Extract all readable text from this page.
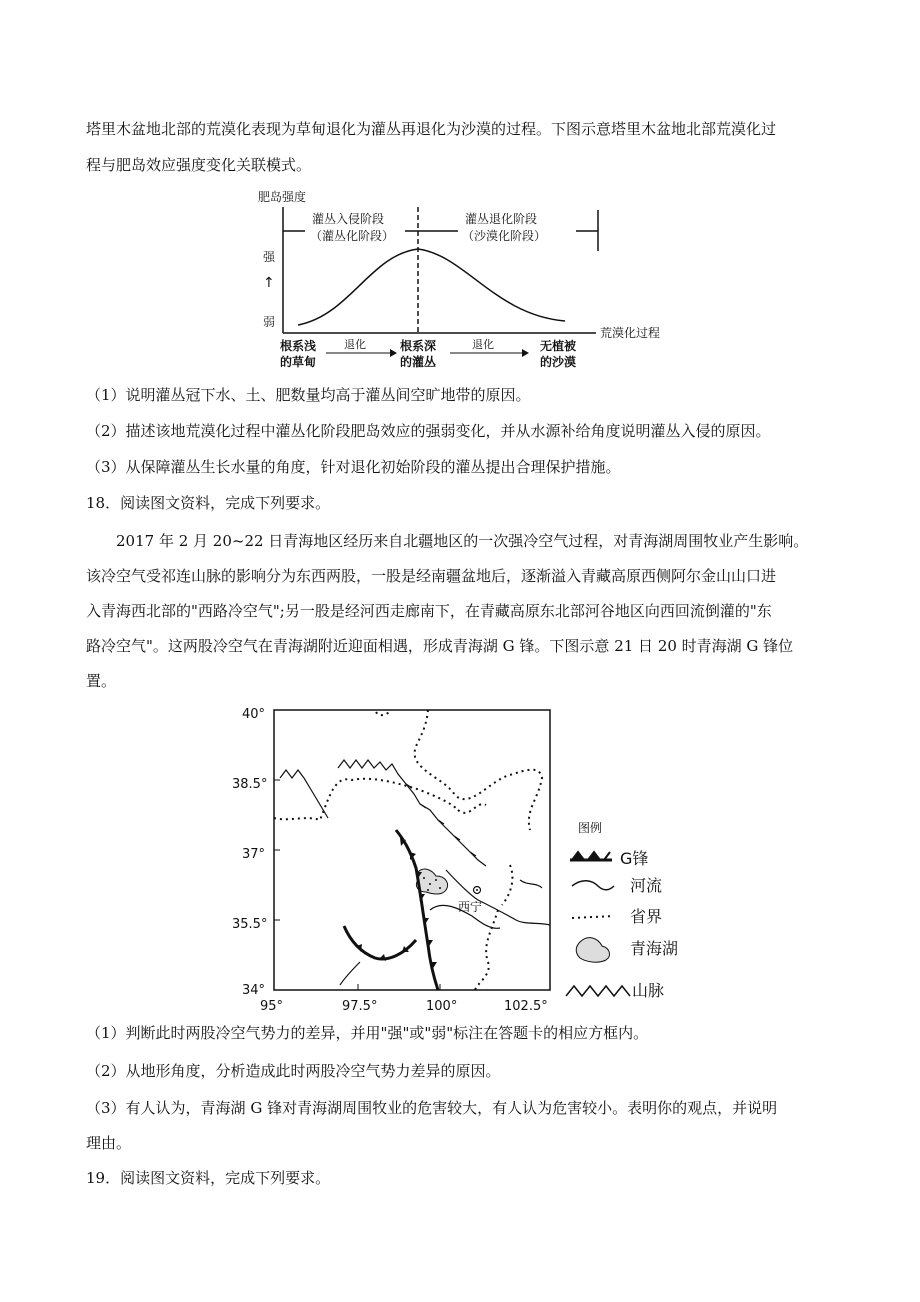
塔里木盆地北部的荒漠化表现为草甸退化为灌丛再退化为沙漠的过程。下图示意塔里木盆地北部荒漠化过
程与肥岛效应强度变化关联模式。
肥岛强度
荒漠化过程
强
↑
弱
灌丛入侵阶段
（灌丛化阶段）
灌丛退化阶段
（沙漠化阶段）
根系浅
的草甸
根系深
的灌丛
无植被
的沙漠
退化	退化
（1）说明灌丛冠下水、土、肥数量均高于灌丛间空旷地带的原因。
（2）描述该地荒漠化过程中灌丛化阶段肥岛效应的强弱变化，并从水源补给角度说明灌丛入侵的原因。
（3）从保障灌丛生长水量的角度，针对退化初始阶段的灌丛提出合理保护措施。
18．阅读图文资料，完成下列要求。
2017 年 2 月 20~22 日青海地区经历来自北疆地区的一次强冷空气过程，对青海湖周围牧业产生影响。
该冷空气受祁连山脉的影响分为东西两股，一股是经南疆盆地后，逐渐溢入青藏高原西侧阿尔金山山口进
入青海西北部的"西路冷空气";另一股是经河西走廊南下，在青藏高原东北部河谷地区向西回流倒灌的"东
路冷空气"。这两股冷空气在青海湖附近迎面相遇，形成青海湖 G 锋。下图示意 21 日 20 时青海湖 G 锋位
置。
40°
38.5°
37°
35.5°
34°
95°	97.5°	100°	102.5°
西宁
图例
G锋
河流
省界
青海湖
山脉
（1）判断此时两股冷空气势力的差异，并用"强"或"弱"标注在答题卡的相应方框内。
（2）从地形角度，分析造成此时两股冷空气势力差异的原因。
（3）有人认为，青海湖 G 锋对青海湖周围牧业的危害较大，有人认为危害较小。表明你的观点，并说明
理由。
19．阅读图文资料，完成下列要求。
